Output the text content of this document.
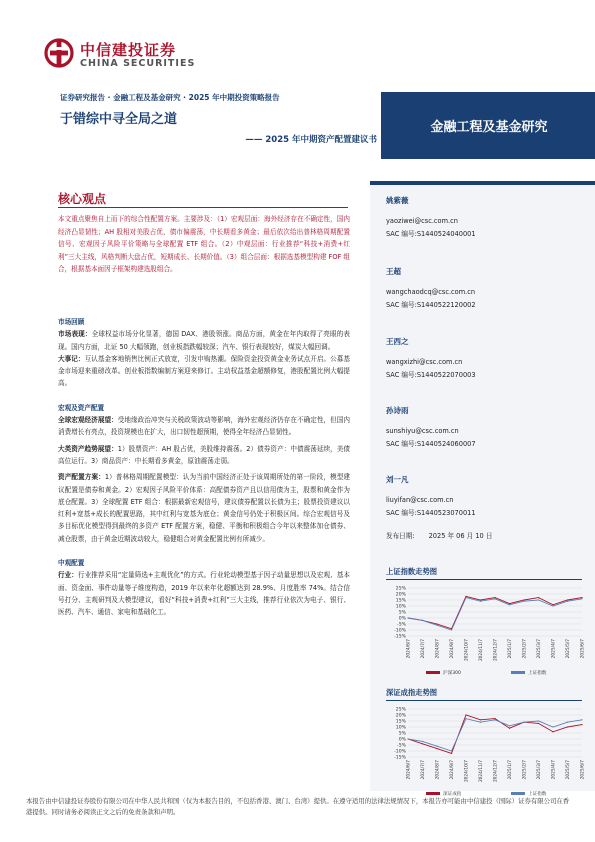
中信建投证券
CHINA SECURITIES
证券研究报告 · 金融工程及基金研究 · 2025 年中期投资策略报告
于错综中寻全局之道
—— 2025 年中期资产配置建议书
金融工程及基金研究
核心观点
本文重点聚焦自上而下的综合性配置方案。主要涉及：（1）宏观层面：海外经济存在不确定性，国内经济凸显韧性；AH 股相对美股占优，债市偏震荡，中长期看多黄金；最后依次给出普林格周期配置信号、宏观因子风险平价策略与全球配置 ETF 组合。（2）中观层面：行业推荐“科技+消费+红利”三大主线，风格判断大盘占优，短期成长、长期价值。（3）组合层面：根据选基模型构建 FOF 组合，根据基本面因子框架构建选股组合。
市场回顾
市场表现：全球权益市场分化显著，德国 DAX、港股领涨。商品方面，黄金在年内取得了亮眼的表现。国内方面，北证 50 大幅领跑，创业板指跌幅较深；汽车、银行表现较好，煤炭大幅回调。
大事记：互认基金客地销售比例正式放宽，引发申购热潮。保险资金投资黄金业务试点开启。公募基金市场迎来重磅改革。创业板指数编制方案迎来修订。主动权益基金超额修复，港股配置比例大幅提高。
宏观及资产配置
全球宏观经济展望：受地缘政治冲突与关税政策波动等影响，海外宏观经济仍存在不确定性，但国内消费增长有亮点，投资规模也在扩大，出口韧性超预期，使得全年经济凸显韧性。
大类资产趋势展望：1）股票资产：AH 股占优，美股维持震荡。2）债券资产：中债震荡延续，美债高位运行。3）商品资产：中长期看多黄金，原油震荡走弱。
资产配置方案：1）普林格周期配置模型：认为当前中国经济正处于该周期所处的第一阶段，模型建议配置是债券和黄金。2）宏观因子风险平价体系：高配债券资产且以信用债为主，股票和黄金作为底仓配置。3）全球配置 ETF 组合：根据最新宏观信号，建议债券配置以长债为主；股票投资建议以红利+宽基+成长的配置思路，其中红利与宽基为底仓；黄金信号仍处于积极区间。综合宏观信号及多目标优化模型得到最终的多资产 ETF 配置方案，稳健、平衡和积极组合今年以来整体加仓债券、减仓股票，由于黄金近期波动较大，稳健组合对黄金配置比例有所减少。
中观配置
行业：行业推荐采用“定量筛选+主观优化”的方式。行业轮动模型基于因子动量思想以及宏观、基本面、资金面、事件动量等子维度构造，2019 年以来年化超额达到 28.9%、月度胜率 74%。结合信号打分、主观研判及大模型建议，看好“科技+消费+红利”三大主线，推荐行业依次为电子、银行、医药、汽车、通信、家电和基础化工。
姚紫薇
yaoziwei@csc.com.cn
SAC 编号:S1440524040001
王超
wangchaodcq@csc.com.cn
SAC 编号:S1440522120002
王西之
wangxizhi@csc.com.cn
SAC 编号:S1440522070003
孙诗雨
sunshiyu@csc.com.cn
SAC 编号:S1440524060007
刘一凡
liuyifan@csc.com.cn
SAC 编号:S1440523070011
发布日期: 2025 年 06 月 10 日
上证指数走势图
25%
20%
15%
10%
5%
0%
-5%
-10%
-15%
2024/6/7 2024/7/7 2024/8/7 2024/9/7 2024/10/7 2024/11/7 2024/12/7 2025/1/7 2025/2/7 2025/3/7 2025/4/7 2025/5/7 2025/6/7
沪深300	上证指数
深证成指走势图
25%
20%
15%
10%
5%
0%
-5%
-10%
-15%
2024/6/7 2024/7/7 2024/8/7 2024/9/7 2024/10/7 2024/11/7 2024/12/7 2025/1/7 2025/2/7 2025/3/7 2025/4/7 2025/5/7 2025/6/7
深证成指	上证指数
本报告由中信建投证券股份有限公司在中华人民共和国（仅为本报告目的，不包括香港、澳门、台湾）提供。在遵守适用的法律法规情况下，本报告亦可能由中信建投（国际）证券有限公司在香港提供。同时请务必阅读正文之后的免责条款和声明。
